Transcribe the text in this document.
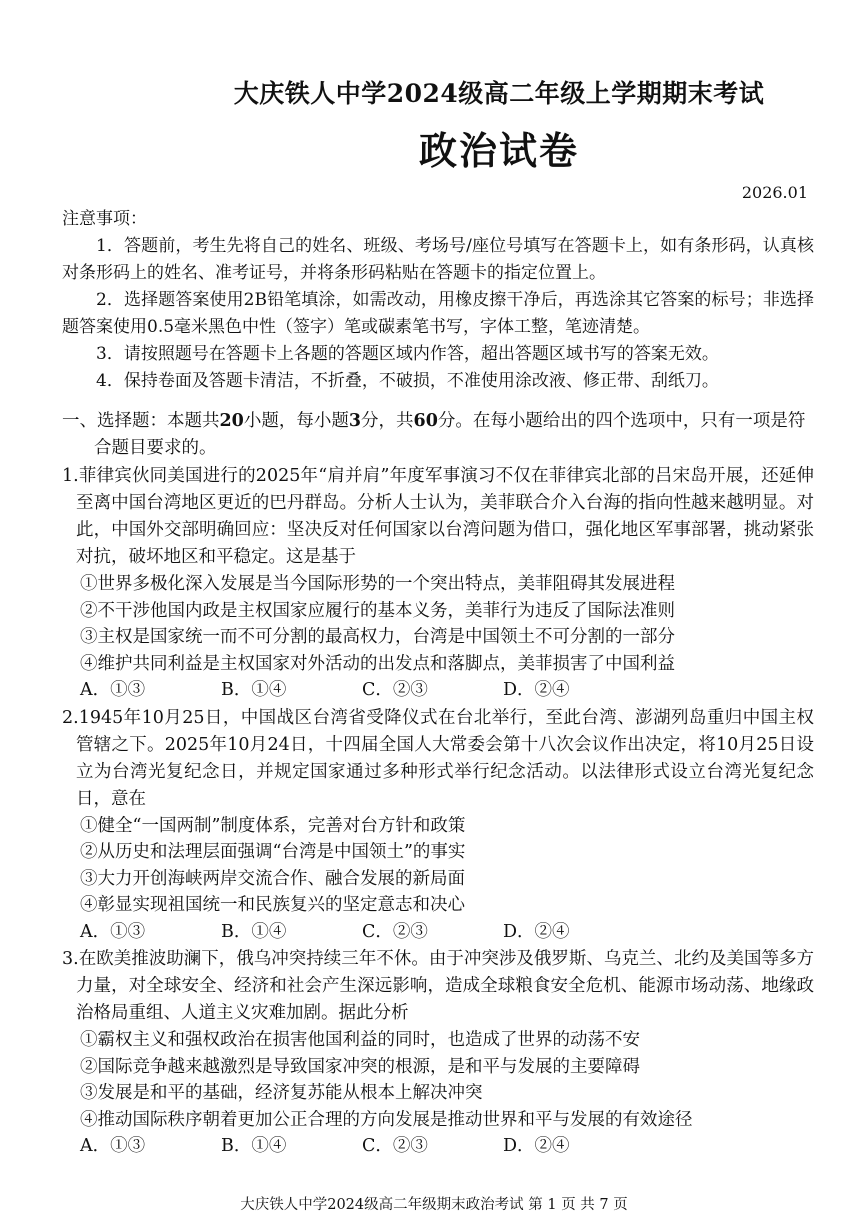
大庆铁人中学2024级高二年级上学期期末考试
政治试卷
2026.01
注意事项：
1．答题前，考生先将自己的姓名、班级、考场号/座位号填写在答题卡上，如有条形码，认真核对条形码上的姓名、准考证号，并将条形码粘贴在答题卡的指定位置上。
2．选择题答案使用2B铅笔填涂，如需改动，用橡皮擦干净后，再选涂其它答案的标号；非选择题答案使用0.5毫米黑色中性（签字）笔或碳素笔书写，字体工整，笔迹清楚。
3．请按照题号在答题卡上各题的答题区域内作答，超出答题区域书写的答案无效。
4．保持卷面及答题卡清洁，不折叠，不破损，不准使用涂改液、修正带、刮纸刀。
一、选择题：本题共20小题，每小题3分，共60分。在每小题给出的四个选项中，只有一项是符合题目要求的。
1.菲律宾伙同美国进行的2025年“肩并肩”年度军事演习不仅在菲律宾北部的吕宋岛开展，还延伸至离中国台湾地区更近的巴丹群岛。分析人士认为，美菲联合介入台海的指向性越来越明显。对此，中国外交部明确回应：坚决反对任何国家以台湾问题为借口，强化地区军事部署，挑动紧张对抗，破坏地区和平稳定。这是基于
①世界多极化深入发展是当今国际形势的一个突出特点，美菲阻碍其发展进程
②不干涉他国内政是主权国家应履行的基本义务，美菲行为违反了国际法准则
③主权是国家统一而不可分割的最高权力，台湾是中国领土不可分割的一部分
④维护共同利益是主权国家对外活动的出发点和落脚点，美菲损害了中国利益
A．①③	B．①④	C．②③	D．②④
2.1945年10月25日，中国战区台湾省受降仪式在台北举行，至此台湾、澎湖列岛重归中国主权管辖之下。2025年10月24日，十四届全国人大常委会第十八次会议作出决定，将10月25日设立为台湾光复纪念日，并规定国家通过多种形式举行纪念活动。以法律形式设立台湾光复纪念日，意在
①健全“一国两制”制度体系，完善对台方针和政策
②从历史和法理层面强调“台湾是中国领土”的事实
③大力开创海峡两岸交流合作、融合发展的新局面
④彰显实现祖国统一和民族复兴的坚定意志和决心
A．①③	B．①④	C．②③	D．②④
3.在欧美推波助澜下，俄乌冲突持续三年不休。由于冲突涉及俄罗斯、乌克兰、北约及美国等多方力量，对全球安全、经济和社会产生深远影响，造成全球粮食安全危机、能源市场动荡、地缘政治格局重组、人道主义灾难加剧。据此分析
①霸权主义和强权政治在损害他国利益的同时，也造成了世界的动荡不安
②国际竞争越来越激烈是导致国家冲突的根源，是和平与发展的主要障碍
③发展是和平的基础，经济复苏能从根本上解决冲突
④推动国际秩序朝着更加公正合理的方向发展是推动世界和平与发展的有效途径
A．①③	B．①④	C．②③	D．②④
大庆铁人中学2024级高二年级期末政治考试 第 1 页 共 7 页
